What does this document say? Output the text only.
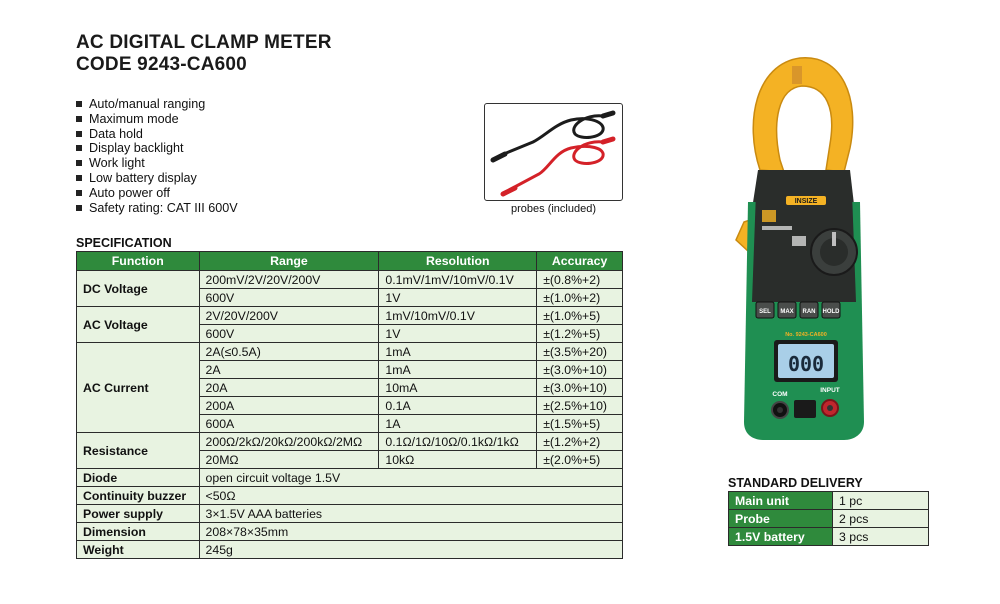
AC DIGITAL CLAMP METER
CODE 9243-CA600
Auto/manual ranging
Maximum mode
Data hold
Display backlight
Work light
Low battery display
Auto power off
Safety rating: CAT III 600V	probes (included)
SPECIFICATION
Function	Range	Resolution	Accuracy
DC Voltage	200mV/2V/20V/200V	0.1mV/1mV/10mV/0.1V	±(0.8%+2)
	600V	1V	±(1.0%+2)
AC Voltage	2V/20V/200V	1mV/10mV/0.1V	±(1.0%+5)
	600V	1V	±(1.2%+5)
AC Current	2A(≤0.5A)	1mA	±(3.5%+20)
	2A	1mA	±(3.0%+10)
	20A	10mA	±(3.0%+10)
	200A	0.1A	±(2.5%+10)
	600A	1A	±(1.5%+5)
Resistance	200Ω/2kΩ/20kΩ/200kΩ/2MΩ	0.1Ω/1Ω/10Ω/0.1kΩ/1kΩ	±(1.2%+2)
	20MΩ	10kΩ	±(2.0%+5)
Diode	open circuit voltage 1.5V		
Continuity buzzer	<50Ω		
Power supply	3×1.5V AAA batteries		
Dimension	208×78×35mm		
Weight	245g		
INSIZE
SEL MAX RAN HOLD
No. 9243-CA600
000
COM
INPUT
STANDARD DELIVERY
Main unit	1 pc
Probe	2 pcs
1.5V battery	3 pcs
